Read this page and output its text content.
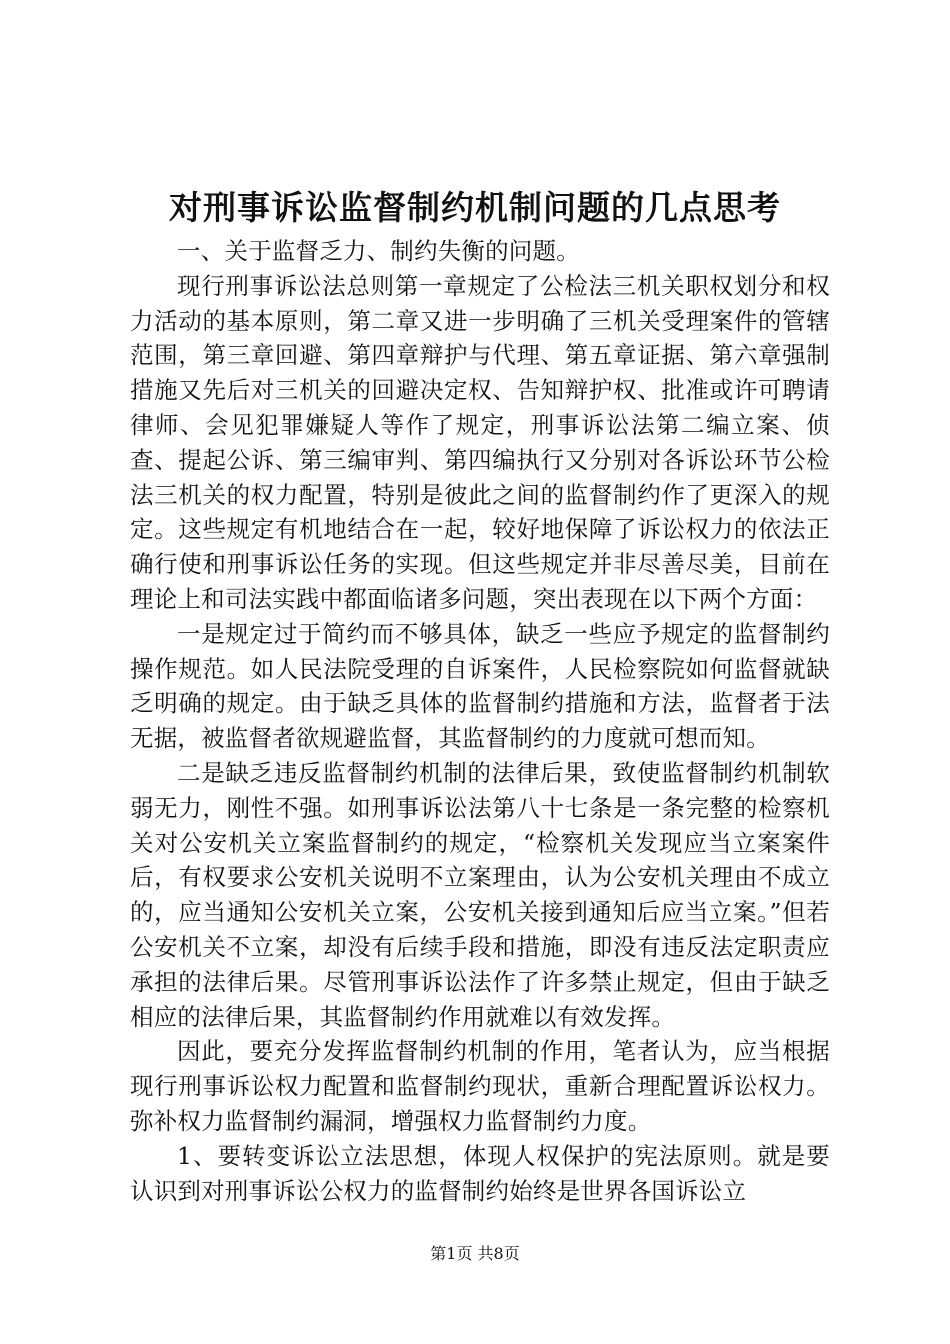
对刑事诉讼监督制约机制问题的几点思考

一、关于监督乏力、制约失衡的问题。

现行刑事诉讼法总则第一章规定了公检法三机关职权划分和权力活动的基本原则，第二章又进一步明确了三机关受理案件的管辖范围，第三章回避、第四章辩护与代理、第五章证据、第六章强制措施又先后对三机关的回避决定权、告知辩护权、批准或许可聘请律师、会见犯罪嫌疑人等作了规定，刑事诉讼法第二编立案、侦查、提起公诉、第三编审判、第四编执行又分别对各诉讼环节公检法三机关的权力配置，特别是彼此之间的监督制约作了更深入的规定。这些规定有机地结合在一起，较好地保障了诉讼权力的依法正确行使和刑事诉讼任务的实现。但这些规定并非尽善尽美，目前在理论上和司法实践中都面临诸多问题，突出表现在以下两个方面：

一是规定过于简约而不够具体，缺乏一些应予规定的监督制约操作规范。如人民法院受理的自诉案件，人民检察院如何监督就缺乏明确的规定。由于缺乏具体的监督制约措施和方法，监督者于法无据，被监督者欲规避监督，其监督制约的力度就可想而知。

二是缺乏违反监督制约机制的法律后果，致使监督制约机制软弱无力，刚性不强。如刑事诉讼法第八十七条是一条完整的检察机关对公安机关立案监督制约的规定，“检察机关发现应当立案案件后，有权要求公安机关说明不立案理由，认为公安机关理由不成立的，应当通知公安机关立案，公安机关接到通知后应当立案。”但若公安机关不立案，却没有后续手段和措施，即没有违反法定职责应承担的法律后果。尽管刑事诉讼法作了许多禁止规定，但由于缺乏相应的法律后果，其监督制约作用就难以有效发挥。

因此，要充分发挥监督制约机制的作用，笔者认为，应当根据现行刑事诉讼权力配置和监督制约现状，重新合理配置诉讼权力。弥补权力监督制约漏洞，增强权力监督制约力度。

1、要转变诉讼立法思想，体现人权保护的宪法原则。就是要认识到对刑事诉讼公权力的监督制约始终是世界各国诉讼立

第1页 共8页
